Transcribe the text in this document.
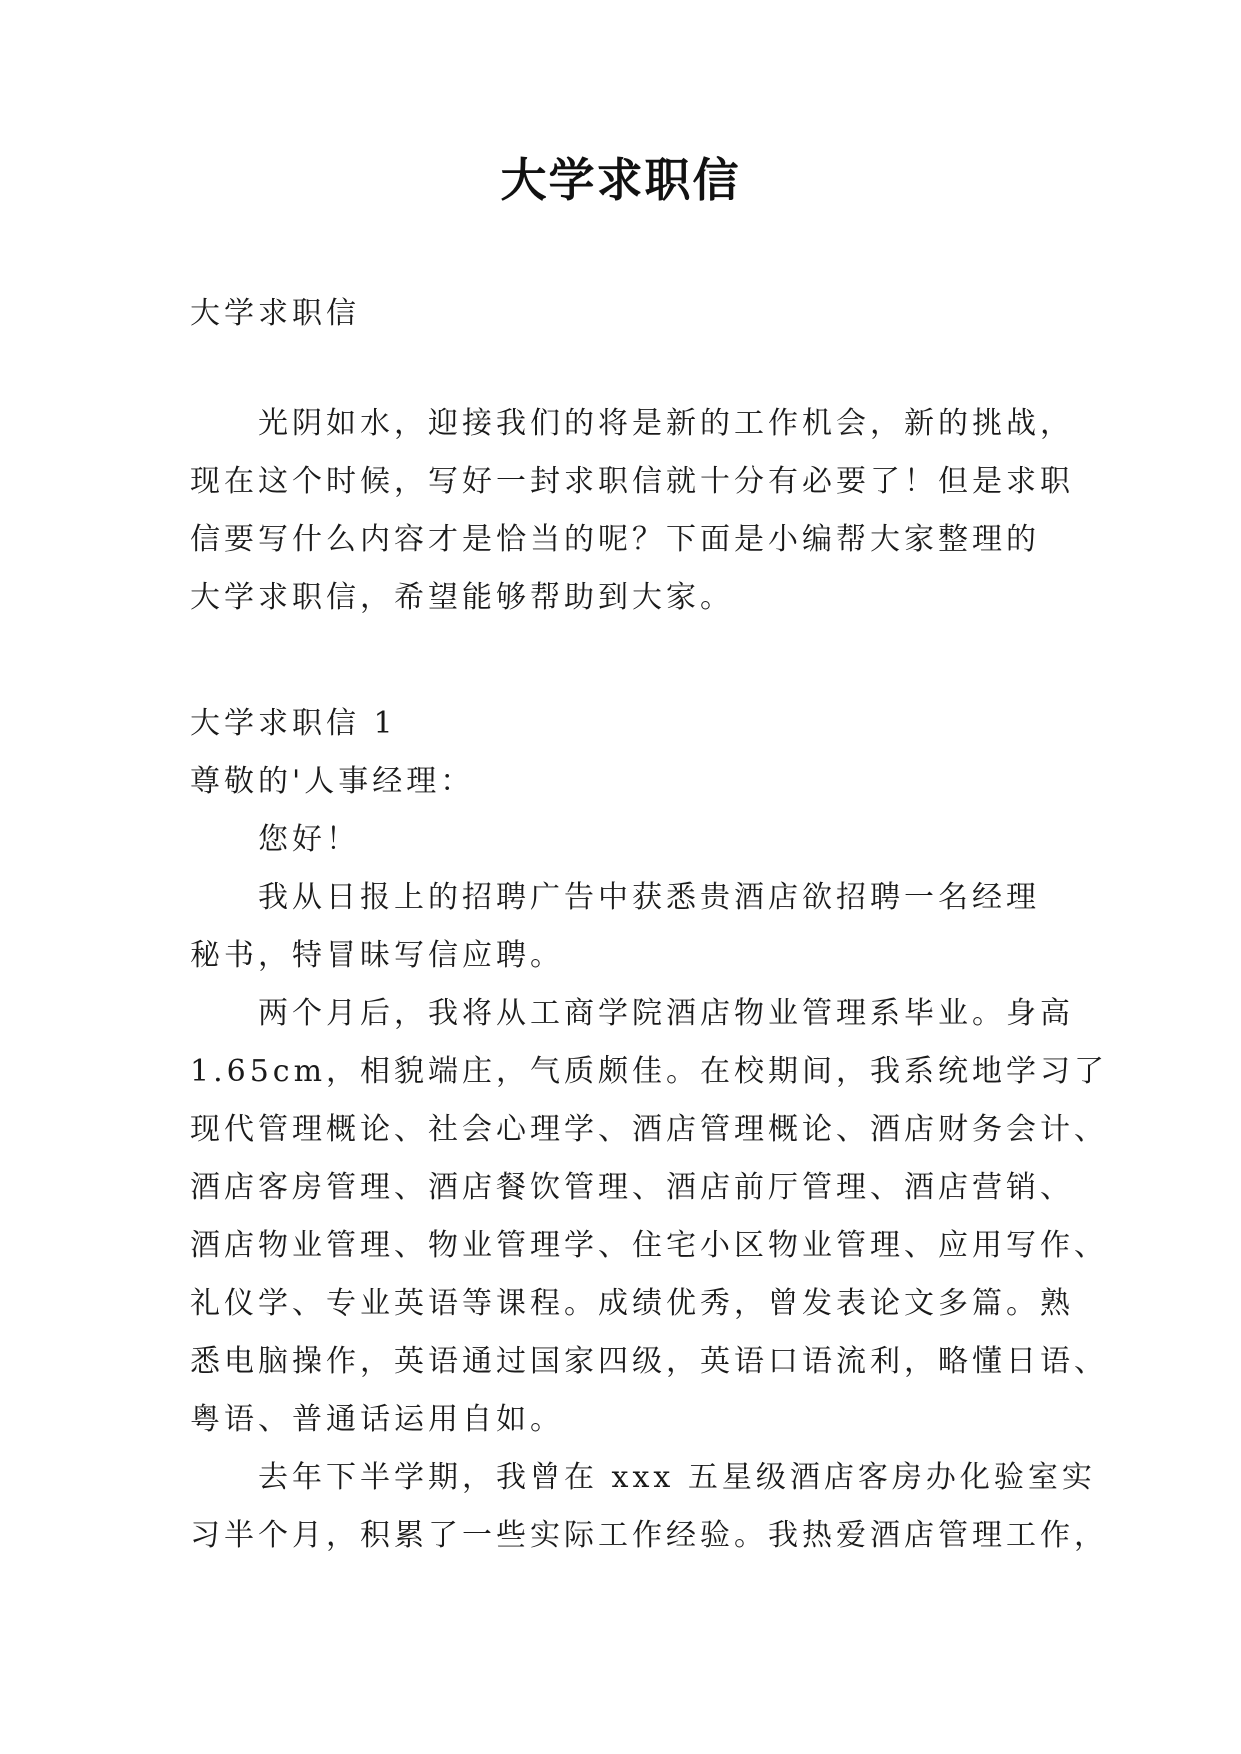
大学求职信
大学求职信
光阴如水，迎接我们的将是新的工作机会，新的挑战，
现在这个时候，写好一封求职信就十分有必要了！但是求职
信要写什么内容才是恰当的呢？下面是小编帮大家整理的
大学求职信，希望能够帮助到大家。
大学求职信 1
尊敬的'人事经理：
您好！
我从日报上的招聘广告中获悉贵酒店欲招聘一名经理
秘书，特冒昧写信应聘。
两个月后，我将从工商学院酒店物业管理系毕业。身高
1.65cm，相貌端庄，气质颇佳。在校期间，我系统地学习了
现代管理概论、社会心理学、酒店管理概论、酒店财务会计、
酒店客房管理、酒店餐饮管理、酒店前厅管理、酒店营销、
酒店物业管理、物业管理学、住宅小区物业管理、应用写作、
礼仪学、专业英语等课程。成绩优秀，曾发表论文多篇。熟
悉电脑操作，英语通过国家四级，英语口语流利，略懂日语、
粤语、普通话运用自如。
去年下半学期，我曾在 xxx 五星级酒店客房办化验室实
习半个月，积累了一些实际工作经验。我热爱酒店管理工作，
